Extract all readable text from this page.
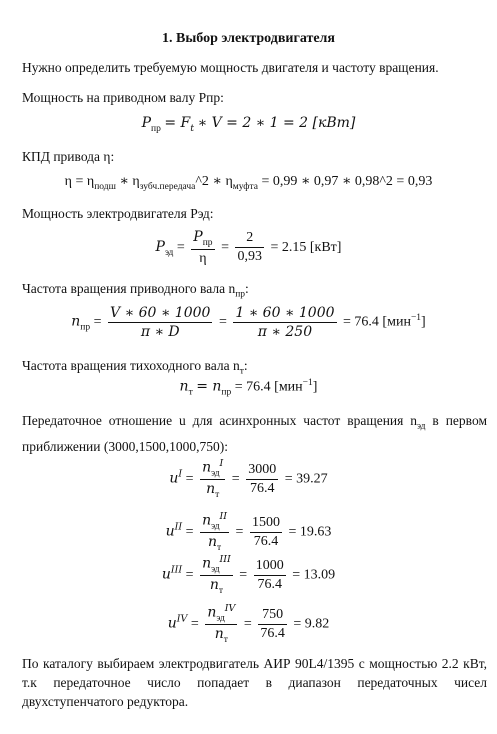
1. Выбор электродвигателя
Нужно определить требуемую мощность двигателя и частоту вращения.
Мощность на приводном валу Pпр:
$P_{пр} = F_t$ ∗ V = 2 ∗ 1 = 2 [кВт]
КПД привода η:
$\eta = \eta_{подш}$ ∗ $\eta_{зубч.передача}\^{}2$ ∗ $\eta_{муфта} = 0,99$ ∗ 0,97 ∗ 0,98^2 = 0,93
Мощность электродвигателя Pэд:
$P_{эд} = \frac{P_{пр}}{\eta} = \frac{2}{0,93} = 2.15$ [кВт]
Частота вращения приводного вала $n_{пр}$:
$n_{пр} = \frac{V ∗ 60 ∗ 1000}{\pi ∗ D} = \frac{1 ∗ 60 ∗ 1000}{\pi ∗ 250} = 76.4$ [мин$^{-1}$]
Частота вращения тихоходного вала $n_т$:
$n_т = n_{пр} = 76.4$ [мин$^{-1}$]
Передаточное отношение u для асинхронных частот вращения $n_{эд}$ в первом приближении (3000,1500,1000,750):
$u^I = \frac{n_{эд}^I}{n_т} = \frac{3000}{76.4} = 39.27$
$u^{II} = \frac{n_{эд}^{II}}{n_т} = \frac{1500}{76.4} = 19.63$
$u^{III} = \frac{n_{эд}^{III}}{n_т} = \frac{1000}{76.4} = 13.09$
$u^{IV} = \frac{n_{эд}^{IV}}{n_т} = \frac{750}{76.4} = 9.82$
По каталогу выбираем электродвигатель АИР 90L4/1395 с мощностью 2.2 кВт, т.к передаточное число попадает в диапазон передаточных чисел двухступенчатого редуктора.
